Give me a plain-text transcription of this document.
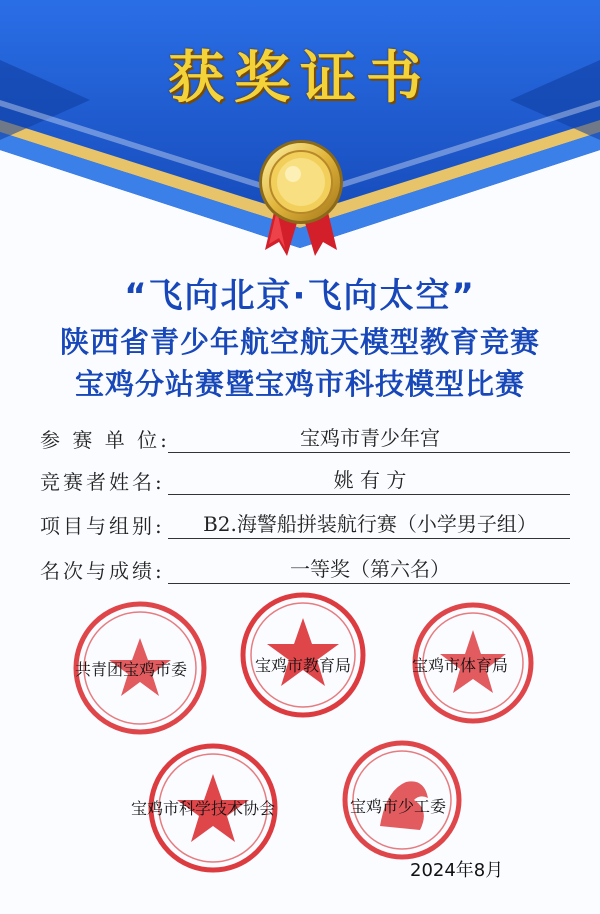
获奖证书
“飞向北京·飞向太空”
陕西省青少年航空航天模型教育竞赛
宝鸡分站赛暨宝鸡市科技模型比赛
参 赛 单 位:	宝鸡市青少年宫
竞赛者姓名:	姚 有 方
项目与组别:	B2.海警船拼装航行赛（小学男子组）
名次与成绩:	一等奖（第六名）
共青团宝鸡市委	宝鸡市教育局	宝鸡市体育局
宝鸡市科学技术协会	宝鸡市少工委
2024年8月
